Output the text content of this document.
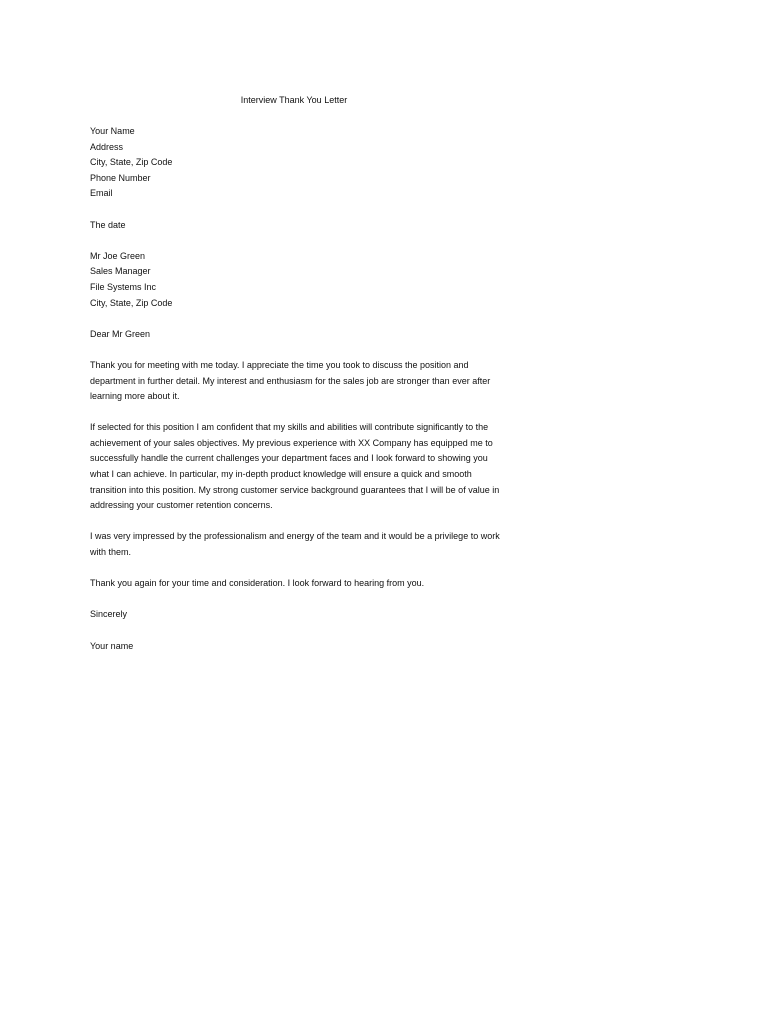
Interview Thank You Letter
Your Name
Address
City, State, Zip Code
Phone Number
Email
The date
Mr Joe Green
Sales Manager
File Systems Inc
City, State, Zip Code
Dear Mr Green
Thank you for meeting with me today. I appreciate the time you took to discuss the position and
department in further detail. My interest and enthusiasm for the sales job are stronger than ever after
learning more about it.
If selected for this position I am confident that my skills and abilities will contribute significantly to the
achievement of your sales objectives. My previous experience with XX Company has equipped me to
successfully handle the current challenges your department faces and I look forward to showing you
what I can achieve. In particular, my in-depth product knowledge will ensure a quick and smooth
transition into this position. My strong customer service background guarantees that I will be of value in
addressing your customer retention concerns.
I was very impressed by the professionalism and energy of the team and it would be a privilege to work
with them.
Thank you again for your time and consideration. I look forward to hearing from you.
Sincerely
Your name
